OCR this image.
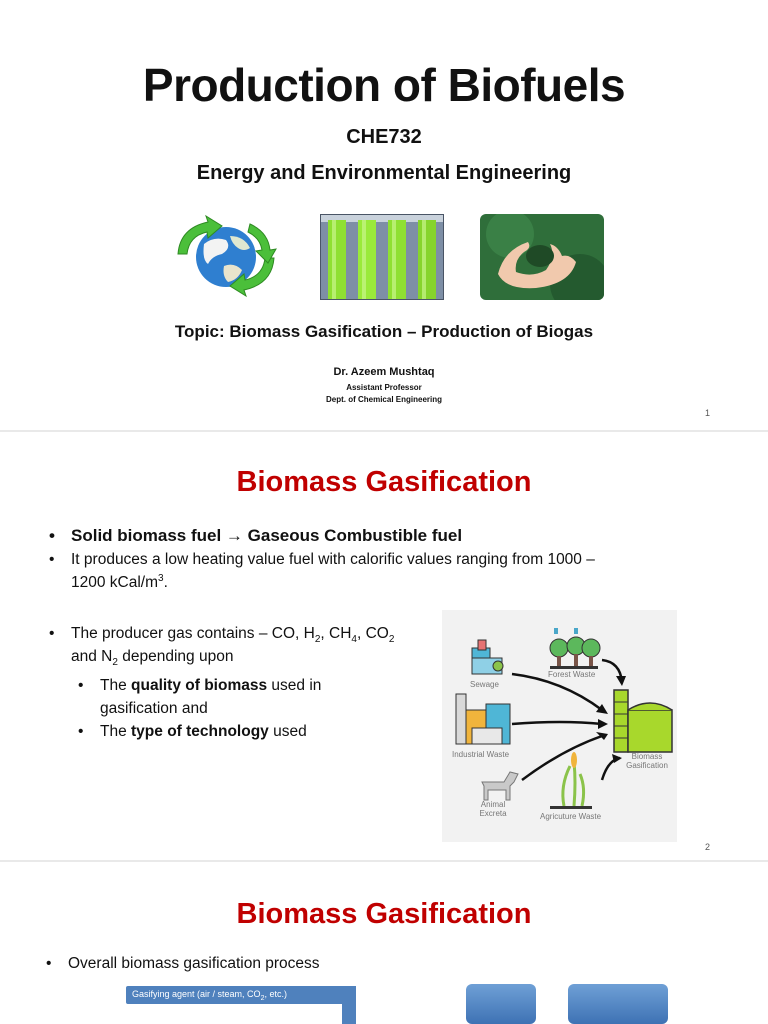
Production of Biofuels
CHE732
Energy and Environmental Engineering
Topic: Biomass Gasification – Production of Biogas
Dr. Azeem Mushtaq
Assistant Professor
Dept. of Chemical Engineering
1
Biomass Gasification
• Solid biomass fuel → Gaseous Combustible fuel
• It produces a low heating value fuel with calorific values ranging from 1000 –
1200 kCal/$m^3$.
• The producer gas contains – CO, $H_2$, $CH_4$, $CO_2$
and $N_2$ depending upon
• The quality of biomass used in
gasification and
• The type of technology used
Sewage
Forest Waste
Industrial Waste
Animal
Excreta	Agricuture Waste
Biomass
Gasification
2
Biomass Gasification
• Overall biomass gasification process
Gasifying agent (air / steam, $CO_2$, etc.)
